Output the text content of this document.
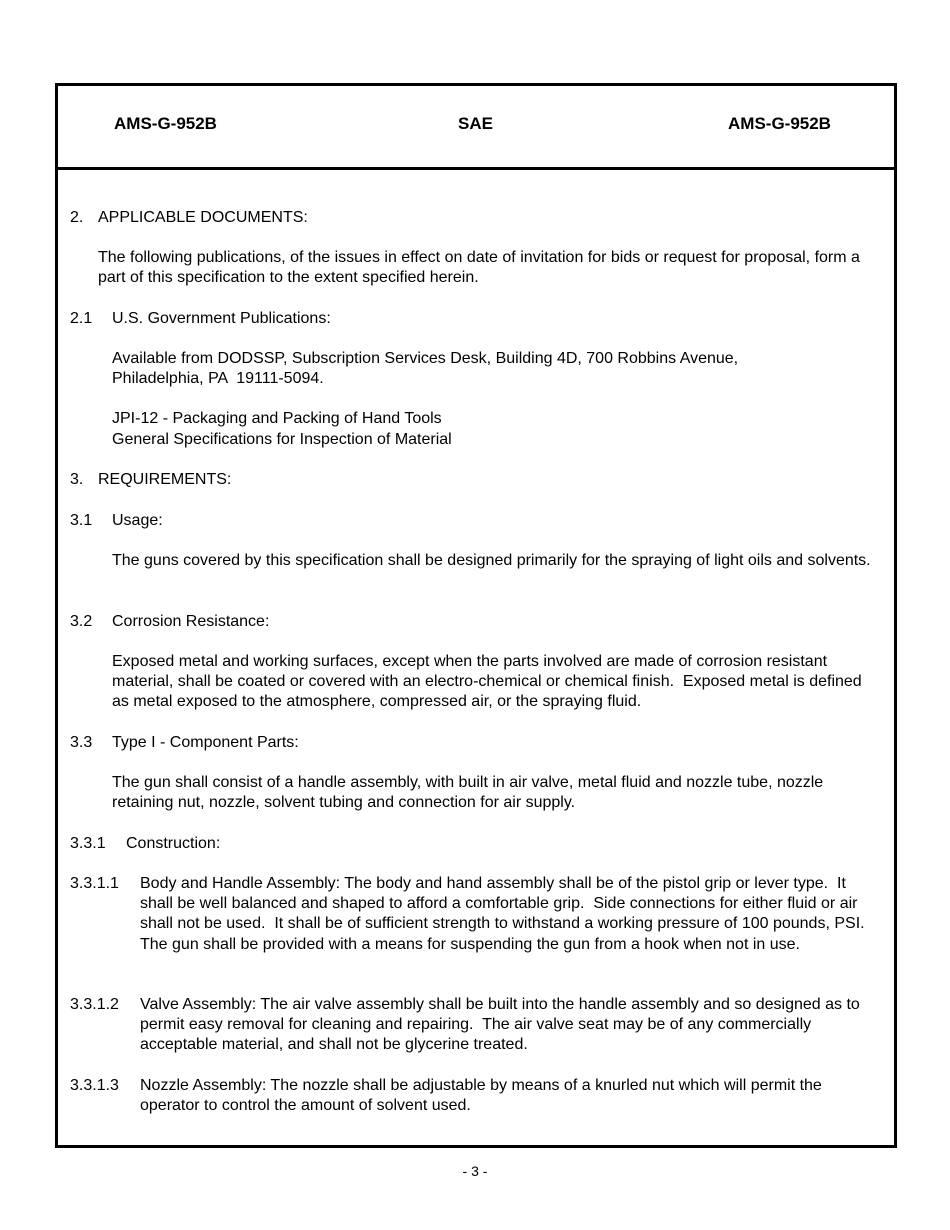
AMS-G-952B	SAE	AMS-G-952B
2. APPLICABLE DOCUMENTS:
The following publications, of the issues in effect on date of invitation for bids or request for proposal, form a part of this specification to the extent specified herein.
2.1 U.S. Government Publications:
Available from DODSSP, Subscription Services Desk, Building 4D, 700 Robbins Avenue,
Philadelphia, PA  19111-5094.
JPI-12 - Packaging and Packing of Hand Tools
General Specifications for Inspection of Material
3. REQUIREMENTS:
3.1 Usage:
The guns covered by this specification shall be designed primarily for the spraying of light oils and solvents.
3.2 Corrosion Resistance:
Exposed metal and working surfaces, except when the parts involved are made of corrosion resistant material, shall be coated or covered with an electro-chemical or chemical finish.  Exposed metal is defined as metal exposed to the atmosphere, compressed air, or the spraying fluid.
3.3 Type I - Component Parts:
The gun shall consist of a handle assembly, with built in air valve, metal fluid and nozzle tube, nozzle retaining nut, nozzle, solvent tubing and connection for air supply.
3.3.1 Construction:
3.3.1.1 Body and Handle Assembly: The body and hand assembly shall be of the pistol grip or lever type.  It shall be well balanced and shaped to afford a comfortable grip.  Side connections for either fluid or air shall not be used.  It shall be of sufficient strength to withstand a working pressure of 100 pounds, PSI.  The gun shall be provided with a means for suspending the gun from a hook when not in use.
3.3.1.2 Valve Assembly: The air valve assembly shall be built into the handle assembly and so designed as to permit easy removal for cleaning and repairing.  The air valve seat may be of any commercially acceptable material, and shall not be glycerine treated.
3.3.1.3 Nozzle Assembly: The nozzle shall be adjustable by means of a knurled nut which will permit the operator to control the amount of solvent used.
- 3 -
